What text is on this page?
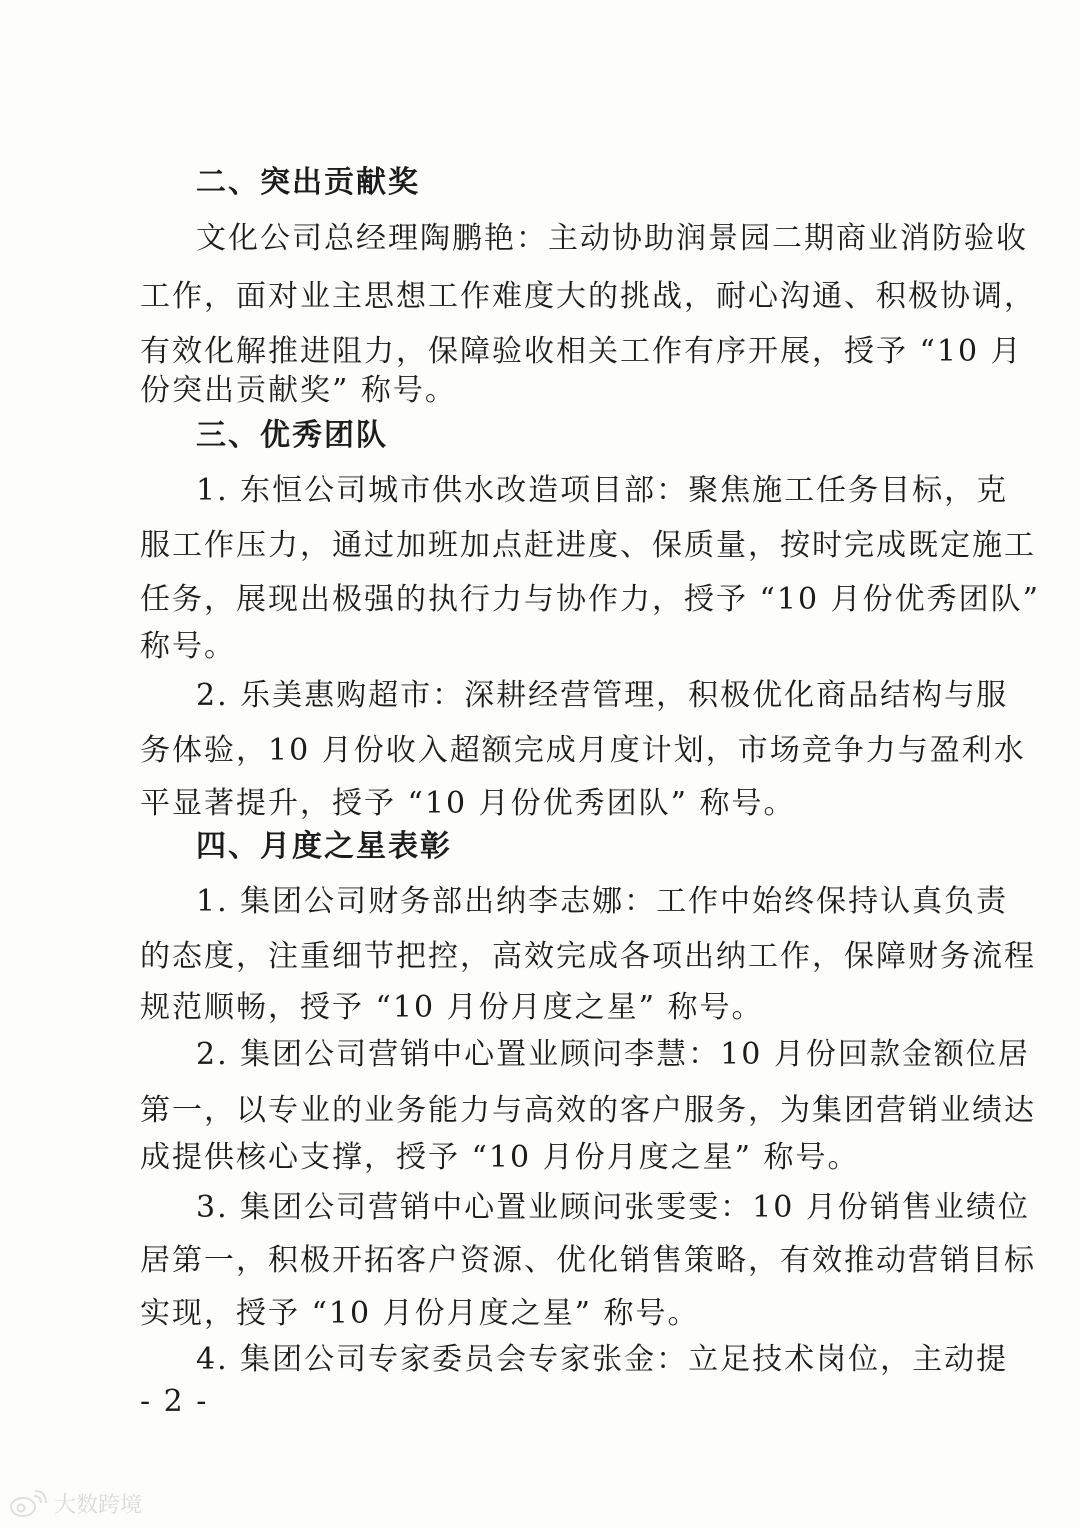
二、突出贡献奖
文化公司总经理陶鹏艳：主动协助润景园二期商业消防验收
工作，面对业主思想工作难度大的挑战，耐心沟通、积极协调，
有效化解推进阻力，保障验收相关工作有序开展，授予 “10 月
份突出贡献奖” 称号。
三、优秀团队
1. 东恒公司城市供水改造项目部：聚焦施工任务目标，克
服工作压力，通过加班加点赶进度、保质量，按时完成既定施工
任务，展现出极强的执行力与协作力，授予 “10 月份优秀团队”
称号。
2. 乐美惠购超市：深耕经营管理，积极优化商品结构与服
务体验，10 月份收入超额完成月度计划，市场竞争力与盈利水
平显著提升，授予 “10 月份优秀团队” 称号。
四、月度之星表彰
1. 集团公司财务部出纳李志娜：工作中始终保持认真负责
的态度，注重细节把控，高效完成各项出纳工作，保障财务流程
规范顺畅，授予 “10 月份月度之星” 称号。
2. 集团公司营销中心置业顾问李慧：10 月份回款金额位居
第一，以专业的业务能力与高效的客户服务，为集团营销业绩达
成提供核心支撑，授予 “10 月份月度之星” 称号。
3. 集团公司营销中心置业顾问张雯雯：10 月份销售业绩位
居第一，积极开拓客户资源、优化销售策略，有效推动营销目标
实现，授予 “10 月份月度之星” 称号。
4. 集团公司专家委员会专家张金：立足技术岗位，主动提
- 2 -
大数跨境
